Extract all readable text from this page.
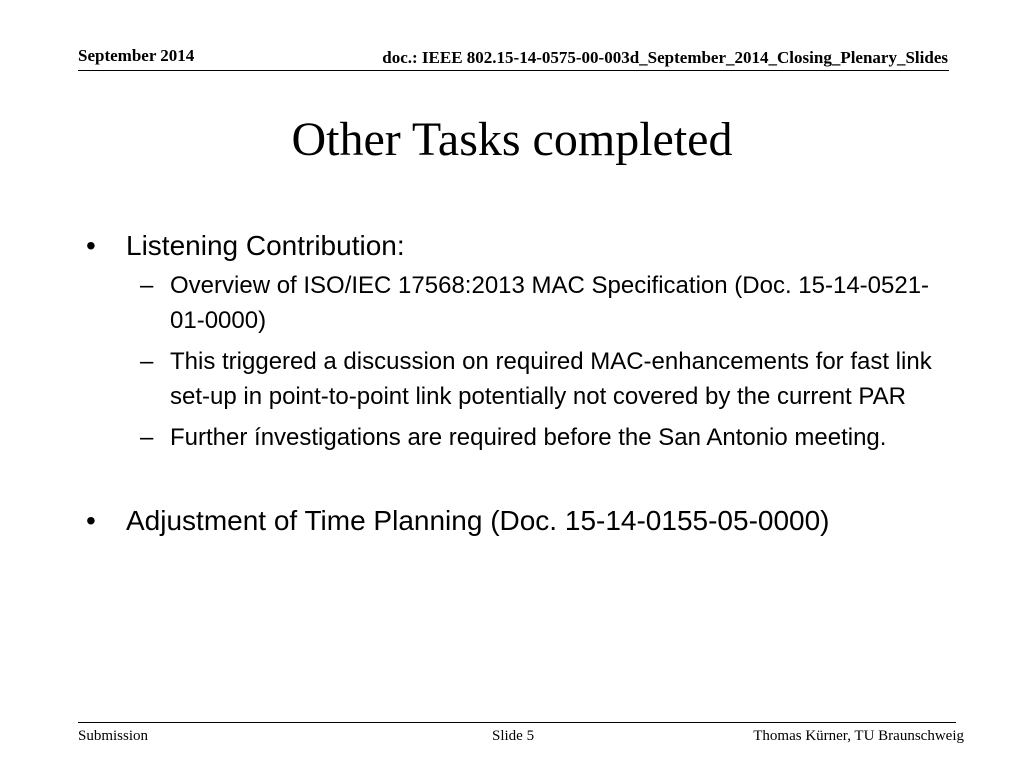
September 2014	doc.: IEEE 802.15-14-0575-00-003d_September_2014_Closing_Plenary_Slides
Other Tasks completed
• Listening Contribution:
– Overview of ISO/IEC 17568:2013 MAC Specification (Doc. 15-14-0521-01-0000)
– This triggered a discussion on required MAC-enhancements for fast link set-up in point-to-point link potentially not covered by the current PAR
– Further ínvestigations are required before the San Antonio meeting.
• Adjustment of Time Planning (Doc. 15-14-0155-05-0000)
Submission	Slide 5	Thomas Kürner, TU Braunschweig
